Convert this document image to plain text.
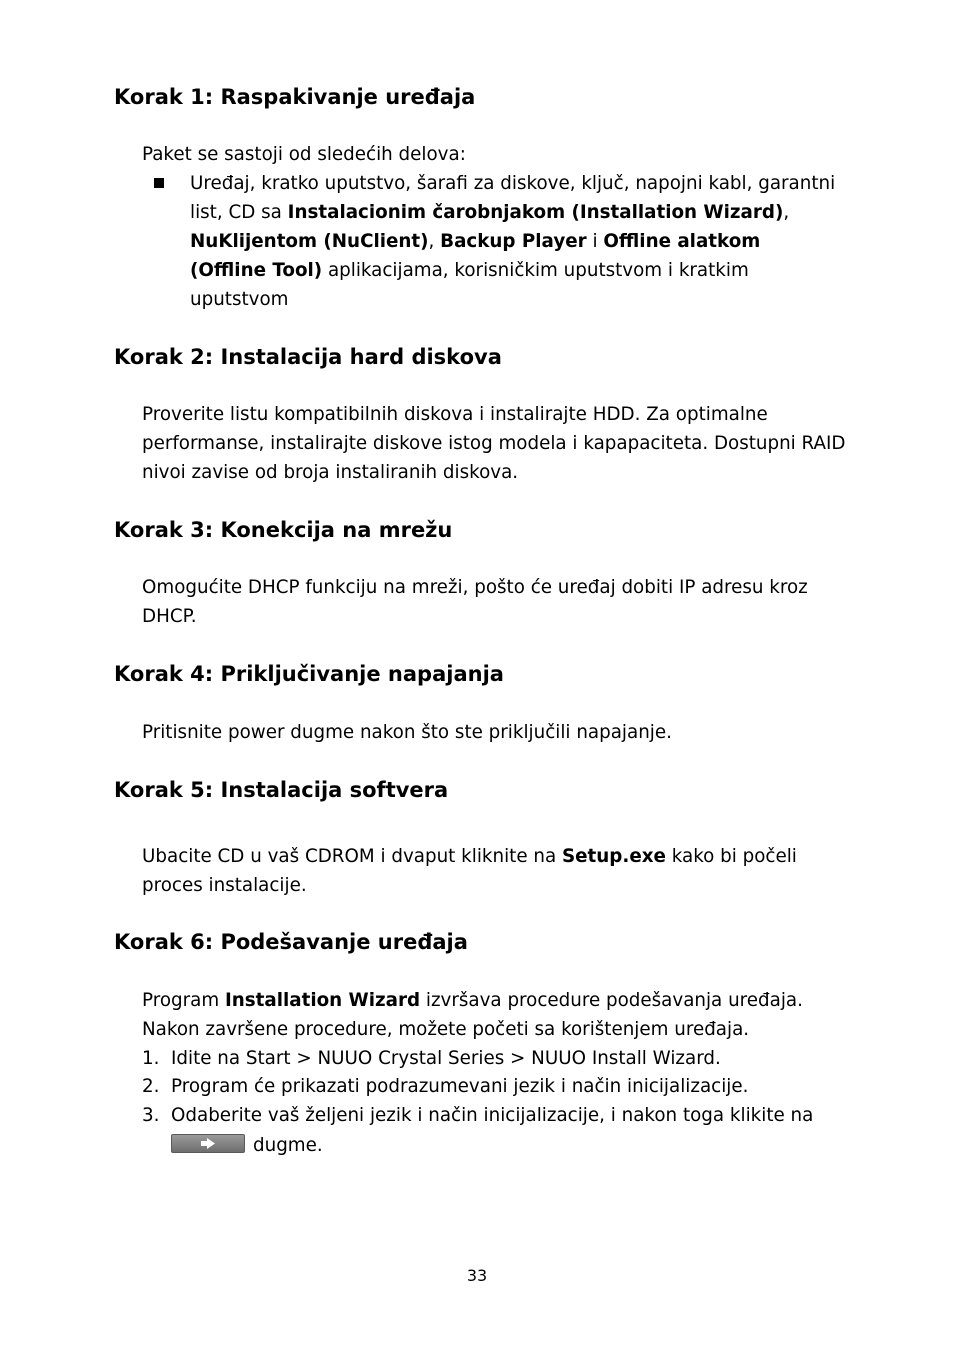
Korak 1: Raspakivanje uređaja

Paket se sastoji od sledećih delova:

Uređaj, kratko uputstvo, šarafi za diskove, ključ, napojni kabl, garantni list, CD sa Instalacionim čarobnjakom (Installation Wizard), NuKlijentom (NuClient), Backup Player i Offline alatkom (Offline Tool) aplikacijama, korisničkim uputstvom i kratkim uputstvom

Korak 2: Instalacija hard diskova

Proverite listu kompatibilnih diskova i instalirajte HDD. Za optimalne performanse, instalirajte diskove istog modela i kapapaciteta. Dostupni RAID nivoi zavise od broja instaliranih diskova.

Korak 3: Konekcija na mrežu

Omogućite DHCP funkciju na mreži, pošto će uređaj dobiti IP adresu kroz DHCP.

Korak 4: Priključivanje napajanja

Pritisnite power dugme nakon što ste priključili napajanje.

Korak 5: Instalacija softvera

Ubacite CD u vaš CDROM i dvaput kliknite na Setup.exe kako bi počeli proces instalacije.

Korak 6: Podešavanje uređaja

Program Installation Wizard izvršava procedure podešavanja uređaja. Nakon završene procedure, možete početi sa korištenjem uređaja.

1. Idite na Start > NUUO Crystal Series > NUUO Install Wizard.
2. Program će prikazati podrazumevani jezik i način inicijalizacije.
3. Odaberite vaš željeni jezik i način inicijalizacije, i nakon toga klikite na
dugme.
33
